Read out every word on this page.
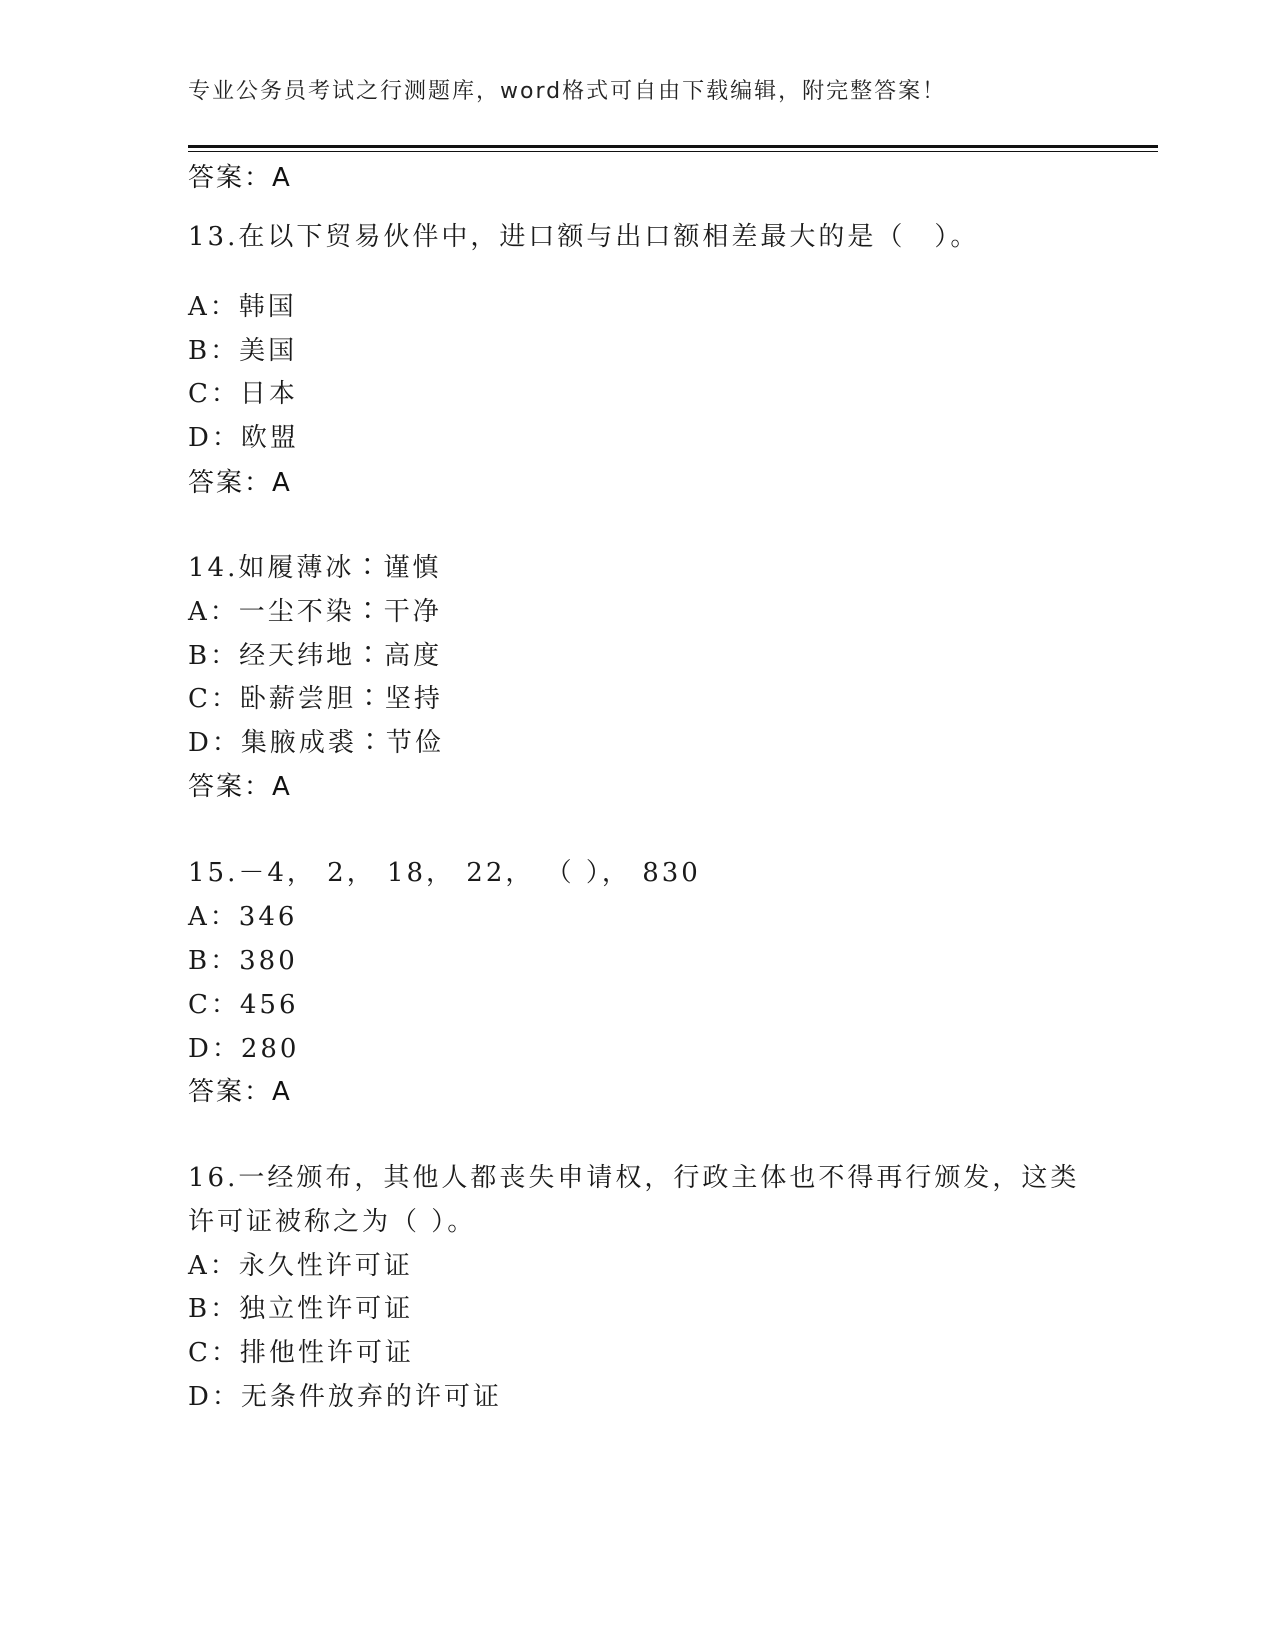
专业公务员考试之行测题库，word格式可自由下载编辑，附完整答案！
答案：A
13.在以下贸易伙伴中，进口额与出口额相差最大的是（　）。
A：韩国
B：美国
C：日本
D：欧盟
答案：A
14.如履薄冰∶谨慎
A：一尘不染∶干净
B：经天纬地∶高度
C：卧薪尝胆∶坚持
D：集腋成裘∶节俭
答案：A
15.－4， 2， 18， 22， （ ）， 830
A：346
B：380
C：456
D：280
答案：A
16.一经颁布，其他人都丧失申请权，行政主体也不得再行颁发，这类
许可证被称之为（ ）。
A：永久性许可证
B：独立性许可证
C：排他性许可证
D：无条件放弃的许可证
